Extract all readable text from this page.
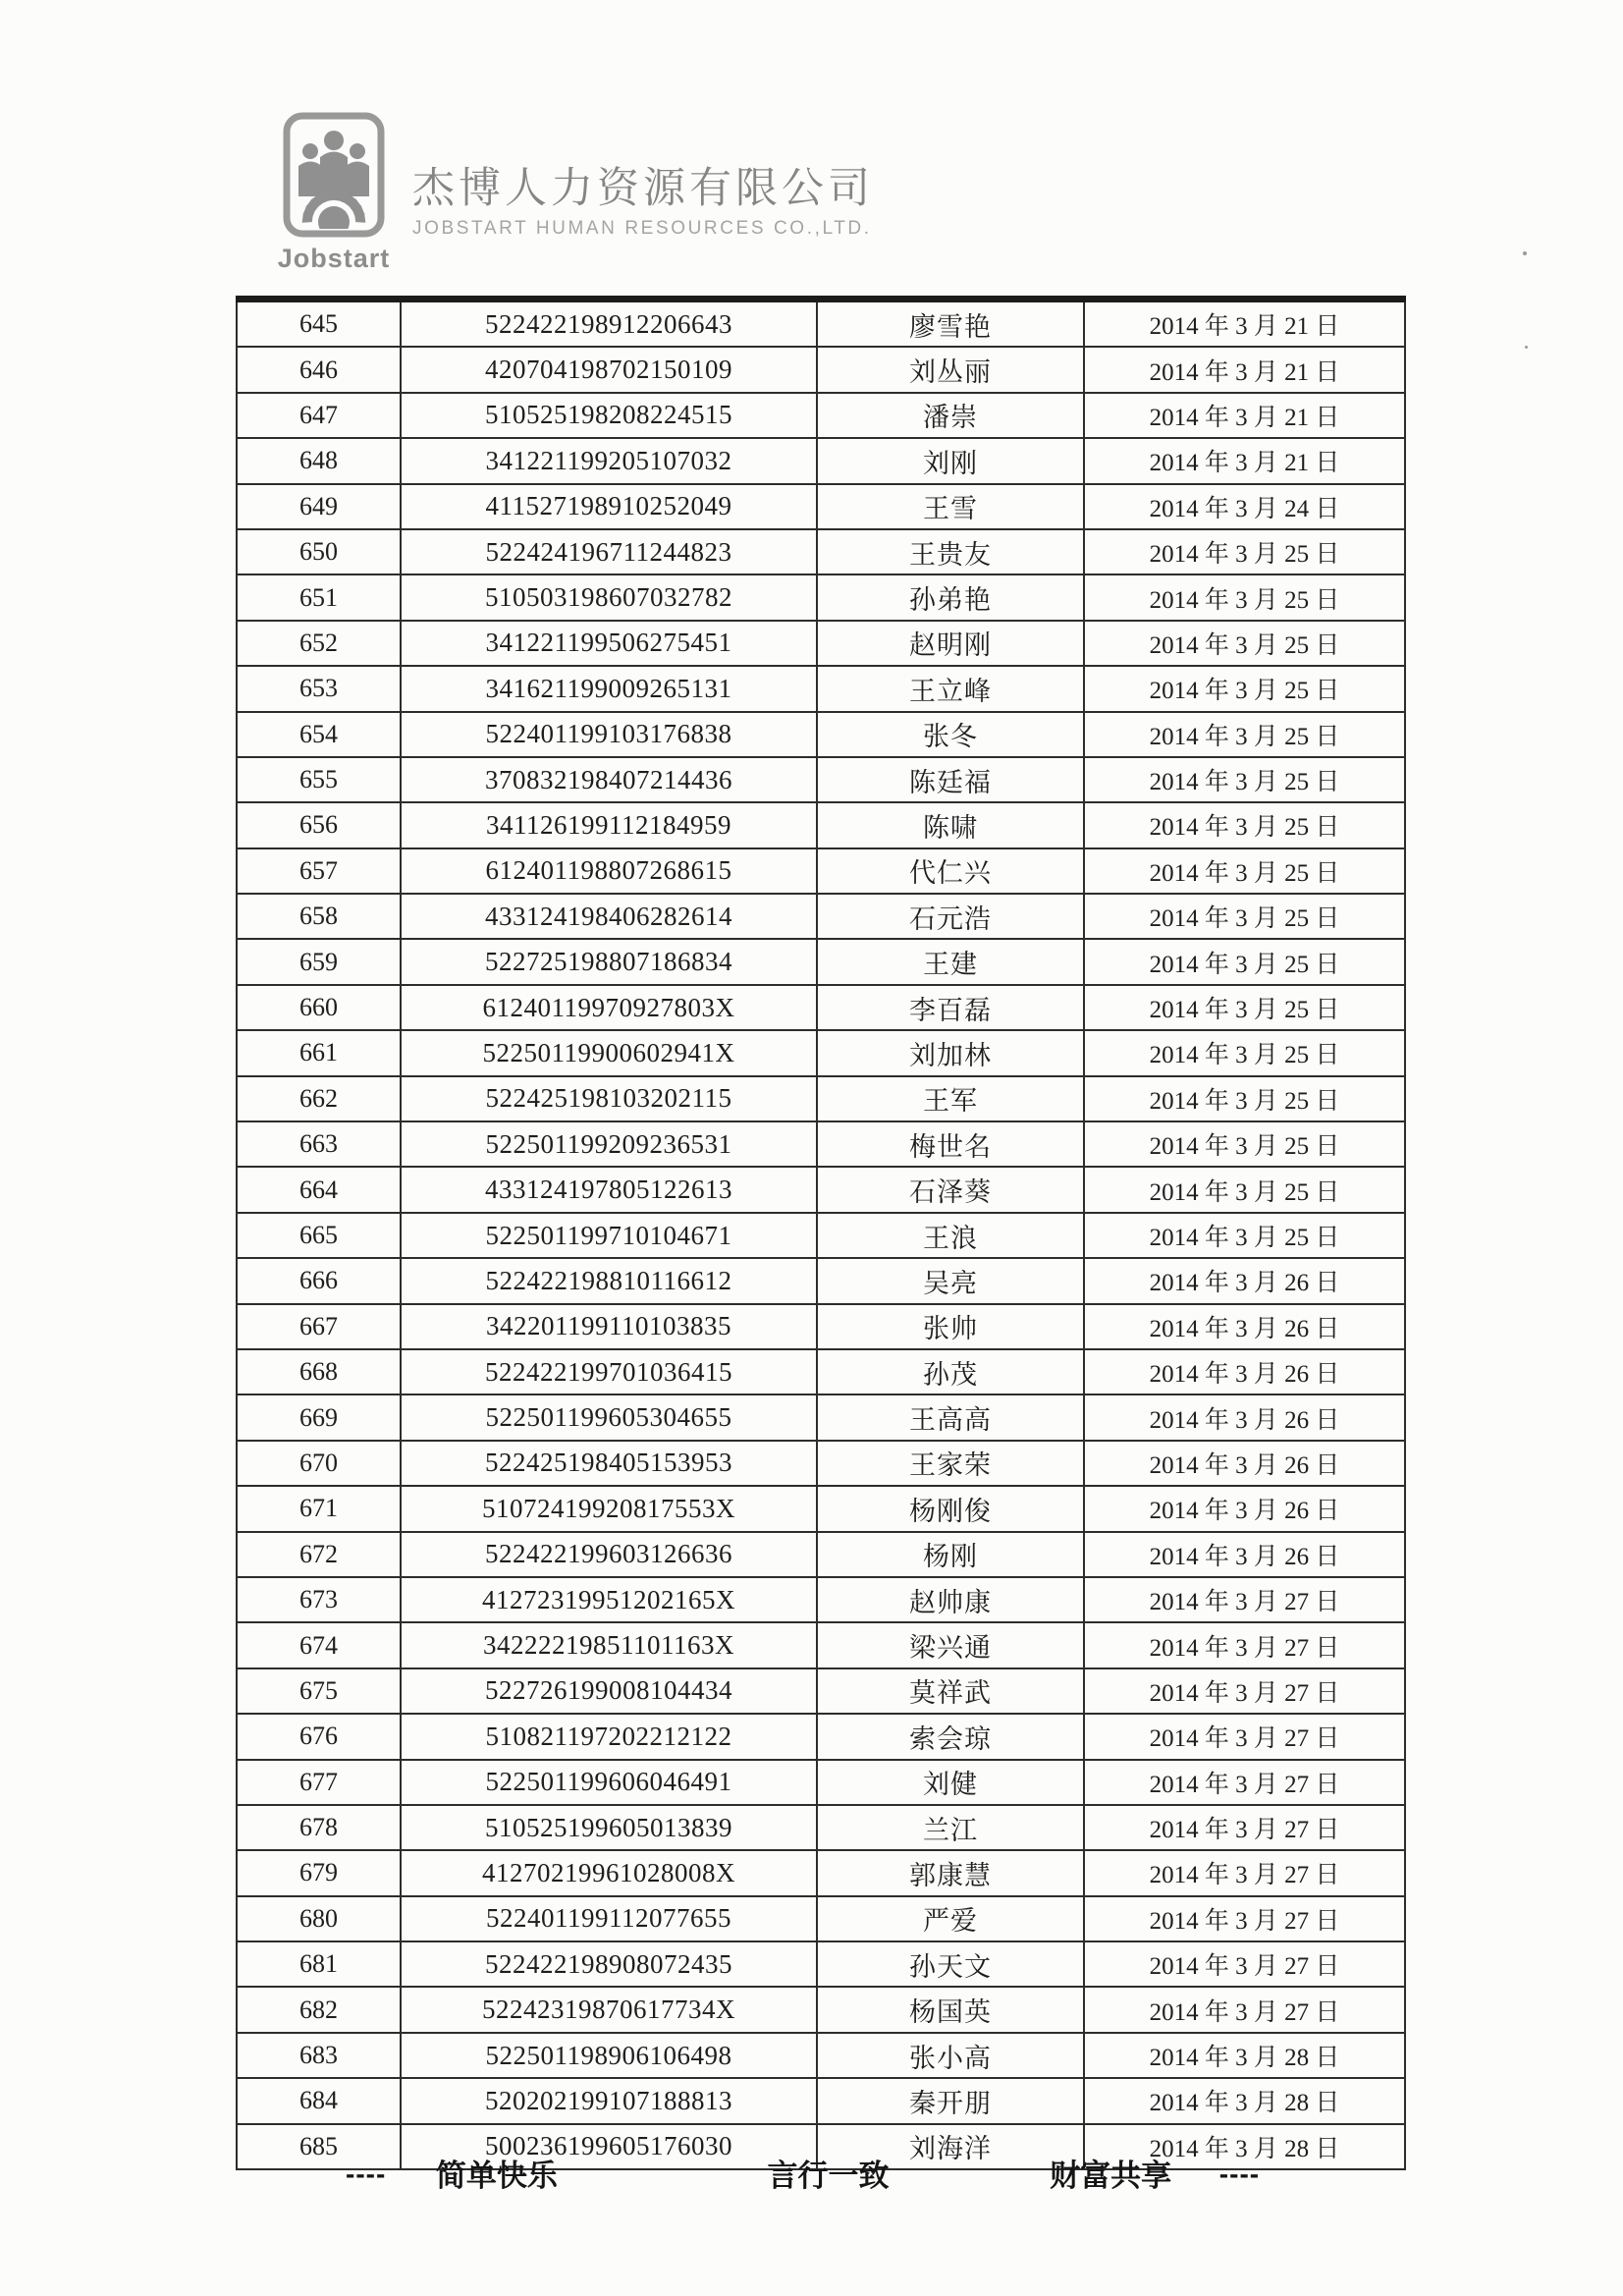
Jobstart
杰博人力资源有限公司
JOBSTART HUMAN RESOURCES CO.,LTD.
645	522422198912206643	廖雪艳	2014 年 3 月 21 日
646	420704198702150109	刘丛丽	2014 年 3 月 21 日
647	510525198208224515	潘崇	2014 年 3 月 21 日
648	341221199205107032	刘刚	2014 年 3 月 21 日
649	411527198910252049	王雪	2014 年 3 月 24 日
650	522424196711244823	王贵友	2014 年 3 月 25 日
651	510503198607032782	孙弟艳	2014 年 3 月 25 日
652	341221199506275451	赵明刚	2014 年 3 月 25 日
653	341621199009265131	王立峰	2014 年 3 月 25 日
654	522401199103176838	张冬	2014 年 3 月 25 日
655	370832198407214436	陈廷福	2014 年 3 月 25 日
656	341126199112184959	陈啸	2014 年 3 月 25 日
657	612401198807268615	代仁兴	2014 年 3 月 25 日
658	433124198406282614	石元浩	2014 年 3 月 25 日
659	522725198807186834	王建	2014 年 3 月 25 日
660	61240119970927803X	李百磊	2014 年 3 月 25 日
661	52250119900602941X	刘加林	2014 年 3 月 25 日
662	522425198103202115	王军	2014 年 3 月 25 日
663	522501199209236531	梅世名	2014 年 3 月 25 日
664	433124197805122613	石泽葵	2014 年 3 月 25 日
665	522501199710104671	王浪	2014 年 3 月 25 日
666	522422198810116612	吴亮	2014 年 3 月 26 日
667	342201199110103835	张帅	2014 年 3 月 26 日
668	522422199701036415	孙茂	2014 年 3 月 26 日
669	522501199605304655	王高高	2014 年 3 月 26 日
670	522425198405153953	王家荣	2014 年 3 月 26 日
671	51072419920817553X	杨刚俊	2014 年 3 月 26 日
672	522422199603126636	杨刚	2014 年 3 月 26 日
673	41272319951202165X	赵帅康	2014 年 3 月 27 日
674	34222219851101163X	梁兴通	2014 年 3 月 27 日
675	522726199008104434	莫祥武	2014 年 3 月 27 日
676	510821197202212122	索会琼	2014 年 3 月 27 日
677	522501199606046491	刘健	2014 年 3 月 27 日
678	510525199605013839	兰江	2014 年 3 月 27 日
679	41270219961028008X	郭康慧	2014 年 3 月 27 日
680	522401199112077655	严爱	2014 年 3 月 27 日
681	522422198908072435	孙天文	2014 年 3 月 27 日
682	52242319870617734X	杨国英	2014 年 3 月 27 日
683	522501198906106498	张小高	2014 年 3 月 28 日
684	520202199107188813	秦开朋	2014 年 3 月 28 日
685	500236199605176030	刘海洋	2014 年 3 月 28 日
---- 简单快乐	言行一致	财富共享 ----
